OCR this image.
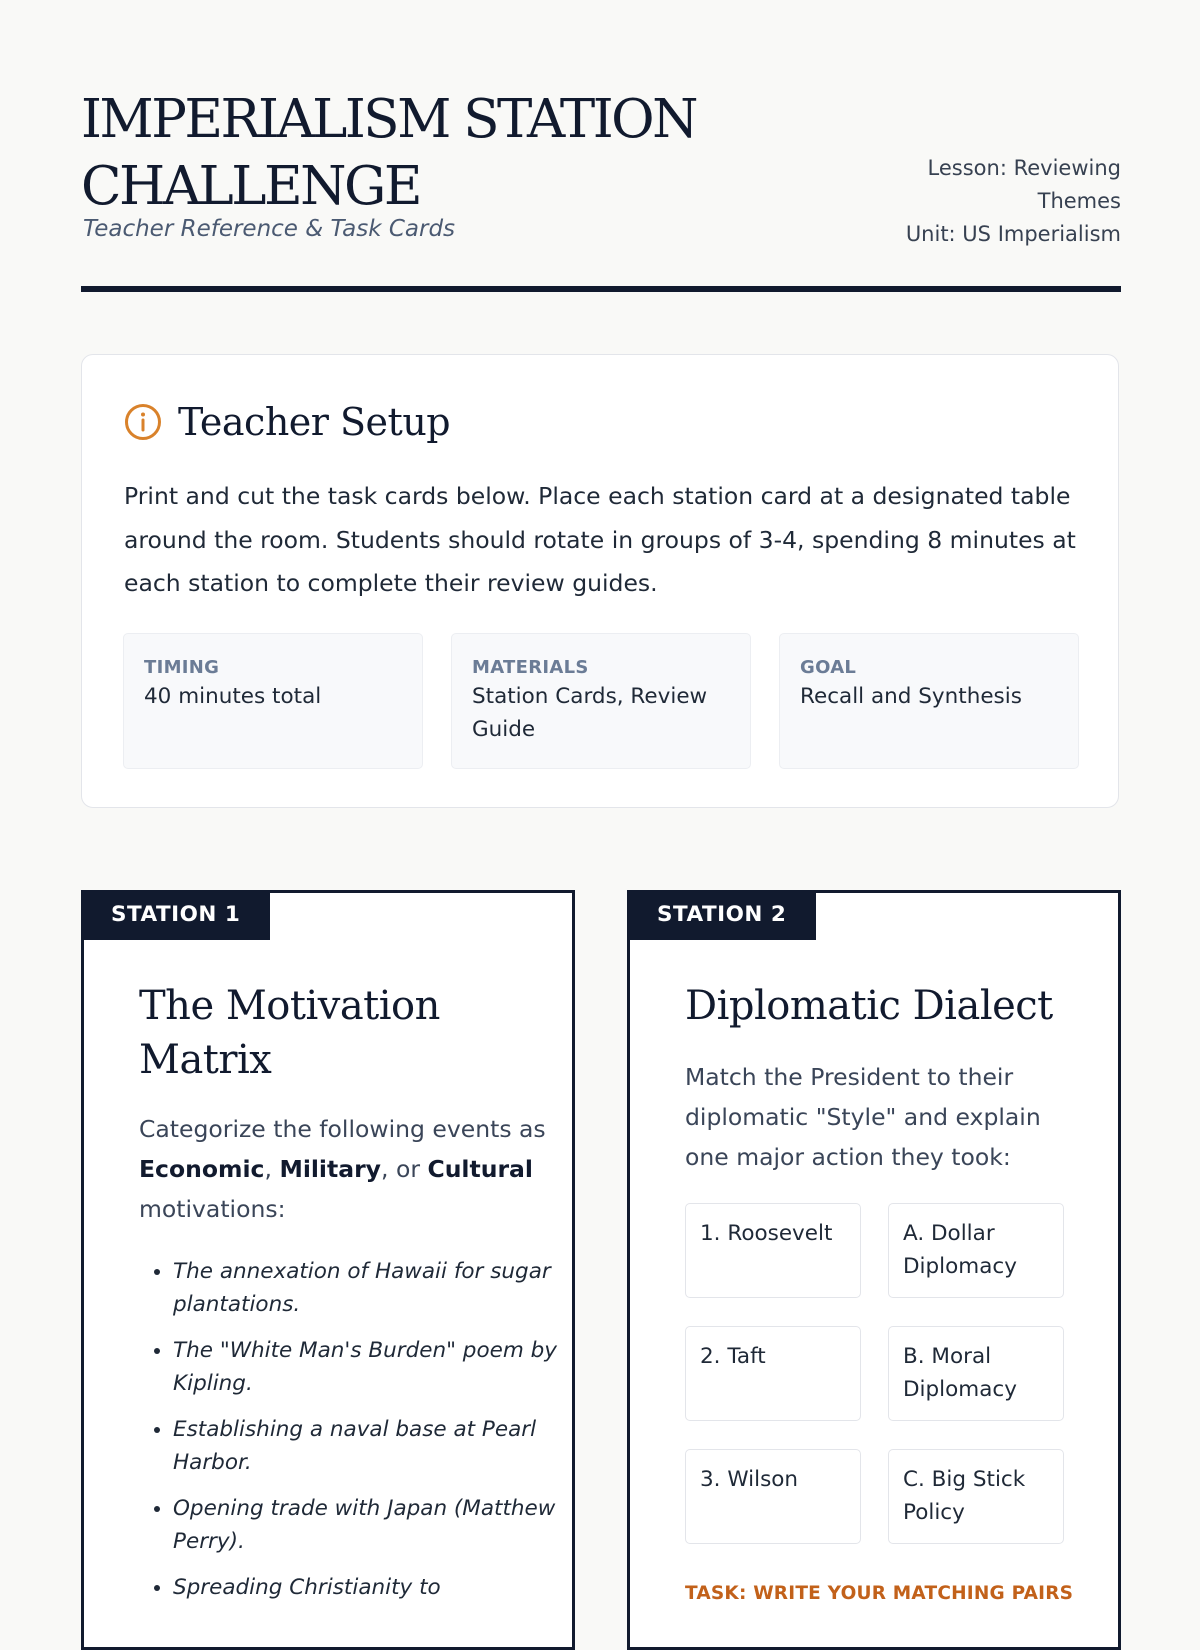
IMPERIALISM STATION CHALLENGE
Teacher Reference & Task Cards
Lesson: Reviewing Themes
Unit: US Imperialism
Teacher Setup
Print and cut the task cards below. Place each station card at a designated table around the room. Students should rotate in groups of 3-4, spending 8 minutes at each station to complete their review guides.
TIMING
40 minutes total
MATERIALS
Station Cards, Review Guide
GOAL
Recall and Synthesis
STATION 1
The Motivation Matrix
Categorize the following events as Economic, Military, or Cultural motivations:
• The annexation of Hawaii for sugar plantations.
• The "White Man's Burden" poem by Kipling.
• Establishing a naval base at Pearl Harbor.
• Opening trade with Japan (Matthew Perry).
• Spreading Christianity to
STATION 2
Diplomatic Dialect
Match the President to their diplomatic "Style" and explain one major action they took:
1. Roosevelt	A. Dollar Diplomacy
2. Taft	B. Moral Diplomacy
3. Wilson	C. Big Stick Policy
TASK: WRITE YOUR MATCHING PAIRS
